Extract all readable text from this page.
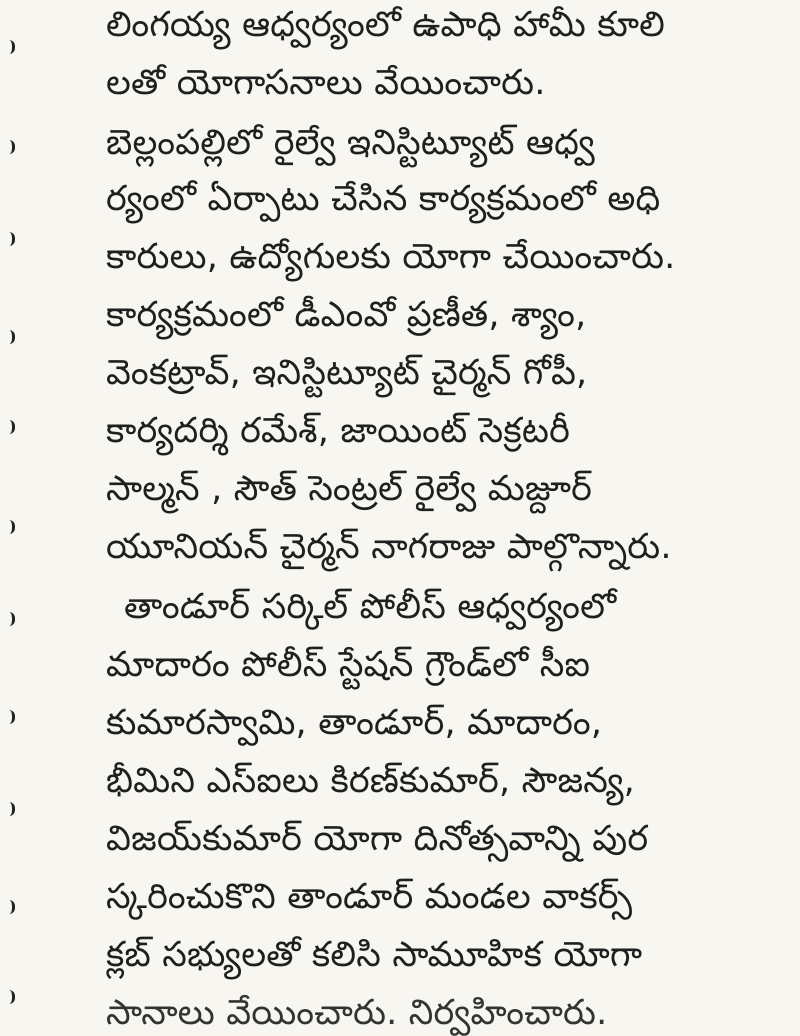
లింగయ్య ఆధ్వర్యంలో ఉపాధి హామీ కూలి
లతో యోగాసనాలు వేయించారు.
బెల్లంపల్లిలో రైల్వే ఇనిస్టిట్యూట్ ఆధ్వ
ర్యంలో ఏర్పాటు చేసిన కార్యక్రమంలో అధి
కారులు, ఉద్యోగులకు యోగా చేయించారు.
కార్యక్రమంలో డీఎంవో ప్రణీత, శ్యాం,
వెంకట్రావ్, ఇనిస్టిట్యూట్ చైర్మన్ గోపీ,
కార్యదర్శి రమేశ్, జాయింట్ సెక్రటరీ
సాల్మన్ , సౌత్ సెంట్రల్ రైల్వే మజ్దూర్
యూనియన్ చైర్మన్ నాగరాజు పాల్గొన్నారు.
తాండూర్ సర్కిల్ పోలీస్ ఆధ్వర్యంలో
మాదారం పోలీస్ స్టేషన్ గ్రౌండ్‌లో సీఐ
కుమారస్వామి, తాండూర్, మాదారం,
భీమిని ఎస్ఐలు కిరణ్‌కుమార్, సౌజన్య,
విజయ్‌కుమార్ యోగా దినోత్సవాన్ని పుర
స్కరించుకొని తాండూర్ మండల వాకర్స్
క్లబ్ సభ్యులతో కలిసి సామూహిక యోగా
సానాలు వేయించారు. నిర్వహించారు.
